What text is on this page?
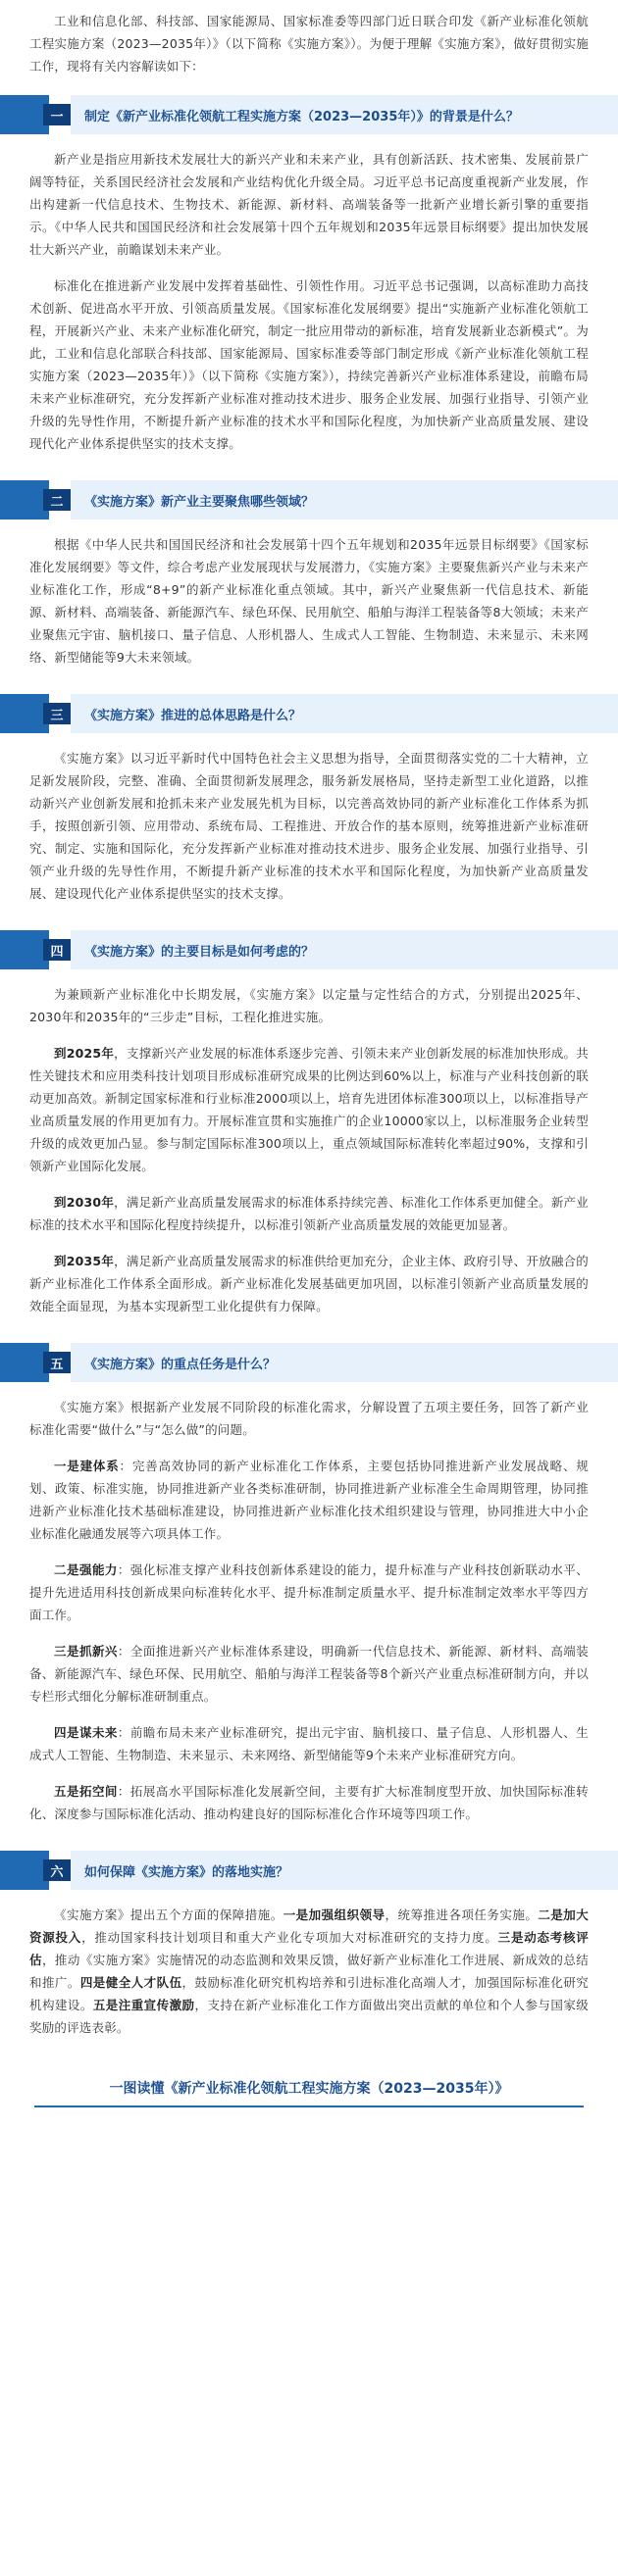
工业和信息化部、科技部、国家能源局、国家标准委等四部门近日联合印发《新产业标准化领航工程实施方案（2023—2035年）》（以下简称《实施方案》）。为便于理解《实施方案》，做好贯彻实施工作，现将有关内容解读如下：

一	制定《新产业标准化领航工程实施方案（2023—2035年）》的背景是什么？

新产业是指应用新技术发展壮大的新兴产业和未来产业，具有创新活跃、技术密集、发展前景广阔等特征，关系国民经济社会发展和产业结构优化升级全局。习近平总书记高度重视新产业发展，作出构建新一代信息技术、生物技术、新能源、新材料、高端装备等一批新产业增长新引擎的重要指示。《中华人民共和国国民经济和社会发展第十四个五年规划和2035年远景目标纲要》提出加快发展壮大新兴产业，前瞻谋划未来产业。

标准化在推进新产业发展中发挥着基础性、引领性作用。习近平总书记强调，以高标准助力高技术创新、促进高水平开放、引领高质量发展。《国家标准化发展纲要》提出“实施新产业标准化领航工程，开展新兴产业、未来产业标准化研究，制定一批应用带动的新标准，培育发展新业态新模式”。为此，工业和信息化部联合科技部、国家能源局、国家标准委等部门制定形成《新产业标准化领航工程实施方案（2023—2035年）》（以下简称《实施方案》），持续完善新兴产业标准体系建设，前瞻布局未来产业标准研究，充分发挥新产业标准对推动技术进步、服务企业发展、加强行业指导、引领产业升级的先导性作用，不断提升新产业标准的技术水平和国际化程度，为加快新产业高质量发展、建设现代化产业体系提供坚实的技术支撑。

二	《实施方案》新产业主要聚焦哪些领域？

根据《中华人民共和国国民经济和社会发展第十四个五年规划和2035年远景目标纲要》《国家标准化发展纲要》等文件，综合考虑产业发展现状与发展潜力，《实施方案》主要聚焦新兴产业与未来产业标准化工作，形成“8+9”的新产业标准化重点领域。其中，新兴产业聚焦新一代信息技术、新能源、新材料、高端装备、新能源汽车、绿色环保、民用航空、船舶与海洋工程装备等8大领域；未来产业聚焦元宇宙、脑机接口、量子信息、人形机器人、生成式人工智能、生物制造、未来显示、未来网络、新型储能等9大未来领域。

三	《实施方案》推进的总体思路是什么？

《实施方案》以习近平新时代中国特色社会主义思想为指导，全面贯彻落实党的二十大精神，立足新发展阶段，完整、准确、全面贯彻新发展理念，服务新发展格局，坚持走新型工业化道路，以推动新兴产业创新发展和抢抓未来产业发展先机为目标，以完善高效协同的新产业标准化工作体系为抓手，按照创新引领、应用带动、系统布局、工程推进、开放合作的基本原则，统筹推进新产业标准研究、制定、实施和国际化，充分发挥新产业标准对推动技术进步、服务企业发展、加强行业指导、引领产业升级的先导性作用，不断提升新产业标准的技术水平和国际化程度，为加快新产业高质量发展、建设现代化产业体系提供坚实的技术支撑。

四	《实施方案》的主要目标是如何考虑的？

为兼顾新产业标准化中长期发展，《实施方案》以定量与定性结合的方式，分别提出2025年、2030年和2035年的“三步走”目标，工程化推进实施。

到2025年，支撑新兴产业发展的标准体系逐步完善、引领未来产业创新发展的标准加快形成。共性关键技术和应用类科技计划项目形成标准研究成果的比例达到60%以上，标准与产业科技创新的联动更加高效。新制定国家标准和行业标准2000项以上，培育先进团体标准300项以上，以标准指导产业高质量发展的作用更加有力。开展标准宣贯和实施推广的企业10000家以上，以标准服务企业转型升级的成效更加凸显。参与制定国际标准300项以上，重点领域国际标准转化率超过90%，支撑和引领新产业国际化发展。

到2030年，满足新产业高质量发展需求的标准体系持续完善、标准化工作体系更加健全。新产业标准的技术水平和国际化程度持续提升，以标准引领新产业高质量发展的效能更加显著。

到2035年，满足新产业高质量发展需求的标准供给更加充分，企业主体、政府引导、开放融合的新产业标准化工作体系全面形成。新产业标准化发展基础更加巩固，以标准引领新产业高质量发展的效能全面显现，为基本实现新型工业化提供有力保障。

五	《实施方案》的重点任务是什么？

《实施方案》根据新产业发展不同阶段的标准化需求，分解设置了五项主要任务，回答了新产业标准化需要“做什么”与“怎么做”的问题。

一是建体系：完善高效协同的新产业标准化工作体系，主要包括协同推进新产业发展战略、规划、政策、标准实施，协同推进新产业各类标准研制，协同推进新产业标准全生命周期管理，协同推进新产业标准化技术基础标准建设，协同推进新产业标准化技术组织建设与管理，协同推进大中小企业标准化融通发展等六项具体工作。

二是强能力：强化标准支撑产业科技创新体系建设的能力，提升标准与产业科技创新联动水平、提升先进适用科技创新成果向标准转化水平、提升标准制定质量水平、提升标准制定效率水平等四方面工作。

三是抓新兴：全面推进新兴产业标准体系建设，明确新一代信息技术、新能源、新材料、高端装备、新能源汽车、绿色环保、民用航空、船舶与海洋工程装备等8个新兴产业重点标准研制方向，并以专栏形式细化分解标准研制重点。

四是谋未来：前瞻布局未来产业标准研究，提出元宇宙、脑机接口、量子信息、人形机器人、生成式人工智能、生物制造、未来显示、未来网络、新型储能等9个未来产业标准研究方向。

五是拓空间：拓展高水平国际标准化发展新空间，主要有扩大标准制度型开放、加快国际标准转化、深度参与国际标准化活动、推动构建良好的国际标准化合作环境等四项工作。

六	如何保障《实施方案》的落地实施？

《实施方案》提出五个方面的保障措施。一是加强组织领导，统筹推进各项任务实施。二是加大资源投入，推动国家科技计划项目和重大产业化专项加大对标准研究的支持力度。三是动态考核评估，推动《实施方案》实施情况的动态监测和效果反馈，做好新产业标准化工作进展、新成效的总结和推广。四是健全人才队伍，鼓励标准化研究机构培养和引进标准化高端人才，加强国际标准化研究机构建设。五是注重宣传激励，支持在新产业标准化工作方面做出突出贡献的单位和个人参与国家级奖励的评选表彰。

一图读懂《新产业标准化领航工程实施方案（2023—2035年）》
